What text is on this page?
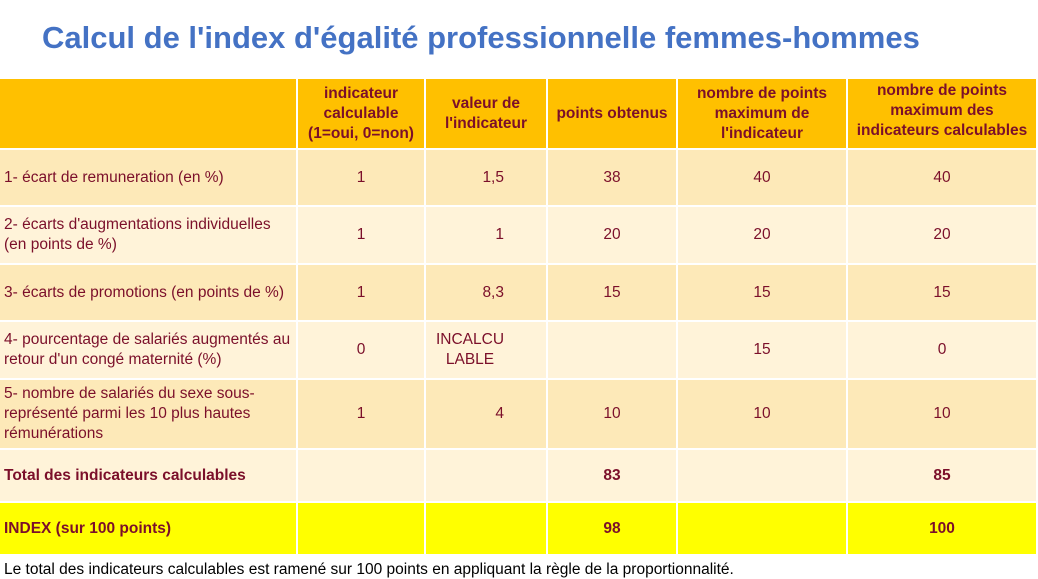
Calcul de l'index d'égalité professionnelle femmes-hommes
	indicateur calculable (1=oui, 0=non)	valeur de l'indicateur	points obtenus	nombre de points maximum de l'indicateur	nombre de points maximum des indicateurs calculables

1- écart de remuneration (en %)	1	1,5	38	40	40
2- écarts d'augmentations individuelles (en points de %)	1	1	20	20	20
3- écarts de promotions (en points de %)	1	8,3	15	15	15
4- pourcentage de salariés augmentés au retour d'un congé maternité (%)	0	INCALCU LABLE		15	0
5- nombre de salariés du sexe sous-représenté parmi les 10 plus hautes rémunérations	1	4	10	10	10
Total des indicateurs calculables			83		85
INDEX (sur 100 points)			98		100
Le total des indicateurs calculables est ramené sur 100 points en appliquant la règle de la proportionnalité.
